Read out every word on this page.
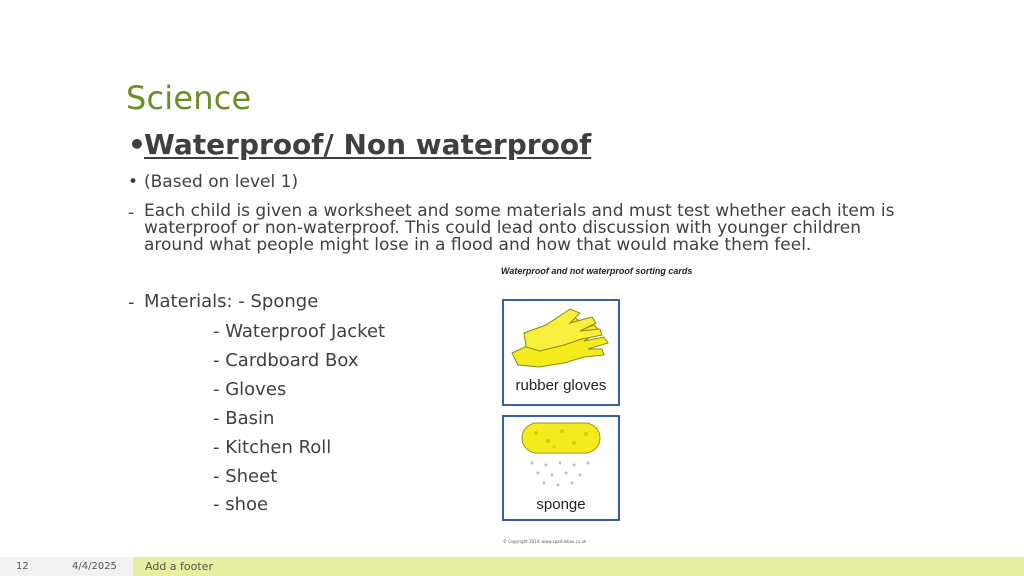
Science
•Waterproof/ Non waterproof
• (Based on level 1)
- Each child is given a worksheet and some materials and must test whether each item is
waterproof or non-waterproof. This could lead onto discussion with younger children
around what people might lose in a flood and how that would make them feel.
- Materials: - Sponge
- Waterproof Jacket
- Cardboard Box
- Gloves
- Basin
- Kitchen Roll
- Sheet
- shoe
Waterproof and not waterproof sorting cards
rubber gloves
sponge
© Copyright 2010. www.sparklebox.co.uk
12	4/4/2025	Add a footer
